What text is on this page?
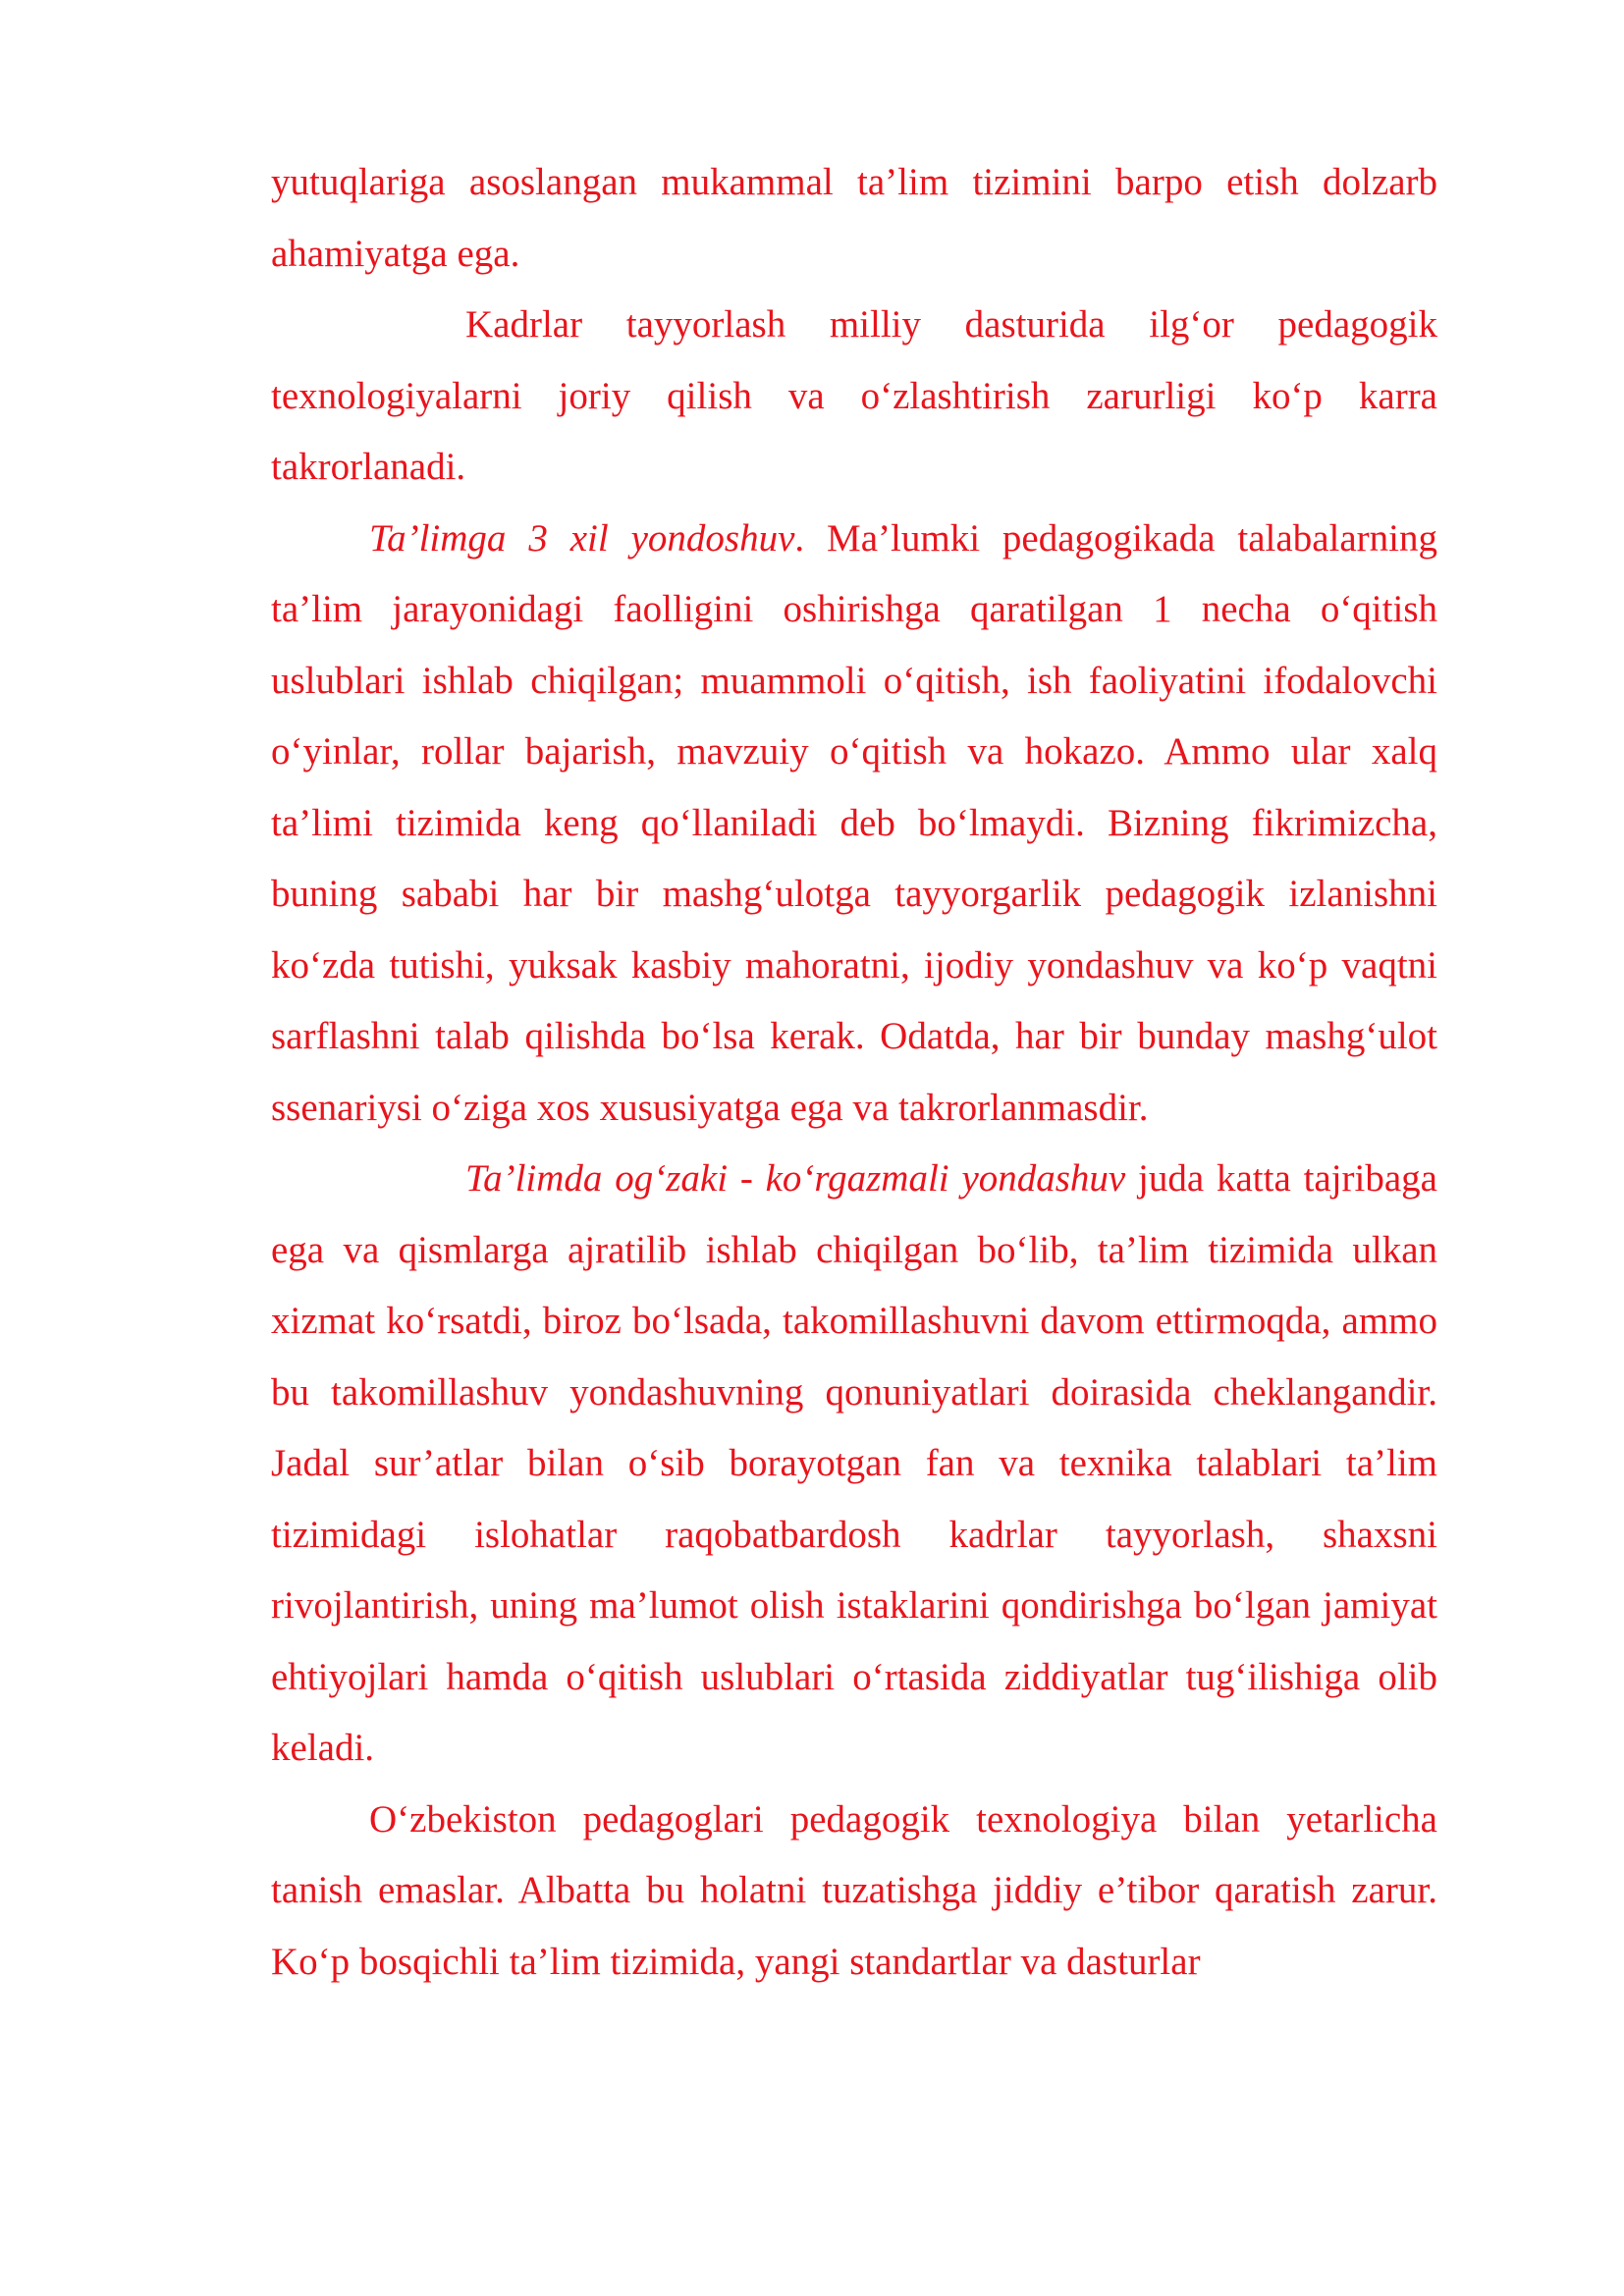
yutuqlariga asoslangan mukammal ta’lim tizimini barpo etish dolzarb ahamiyatga ega.

Kadrlar tayyorlash milliy dasturida ilg‘or pedagogik texnologiyalarni joriy qilish va o‘zlashtirish zarurligi ko‘p karra takrorlanadi.

Ta’limga 3 xil yondoshuv. Ma’lumki pedagogikada talabalarning ta’lim jarayonidagi faolligini oshirishga qaratilgan 1 necha o‘qitish uslublari ishlab chiqilgan; muammoli o‘qitish, ish faoliyatini ifodalovchi o‘yinlar, rollar bajarish, mavzuiy o‘qitish va hokazo. Ammo ular xalq ta’limi tizimida keng qo‘llaniladi deb bo‘lmaydi. Bizning fikrimizcha, buning sababi har bir mashg‘ulotga tayyorgarlik pedagogik izlanishni ko‘zda tutishi, yuksak kasbiy mahoratni, ijodiy yondashuv va ko‘p vaqtni sarflashni talab qilishda bo‘lsa kerak. Odatda, har bir bunday mashg‘ulot ssenariysi o‘ziga xos xususiyatga ega va takrorlanmasdir.

Ta’limda og‘zaki - ko‘rgazmali yondashuv juda katta tajribaga ega va qismlarga ajratilib ishlab chiqilgan bo‘lib, ta’lim tizimida ulkan xizmat ko‘rsatdi, biroz bo‘lsada, takomillashuvni davom ettirmoqda, ammo bu takomillashuv yondashuvning qonuniyatlari doirasida cheklangandir. Jadal sur’atlar bilan o‘sib borayotgan fan va texnika talablari ta’lim tizimidagi islohatlar raqobatbardosh kadrlar tayyorlash, shaxsni rivojlantirish, uning ma’lumot olish istaklarini qondirishga bo‘lgan jamiyat ehtiyojlari hamda o‘qitish uslublari o‘rtasida ziddiyatlar tug‘ilishiga olib keladi.

O‘zbekiston pedagoglari pedagogik texnologiya bilan yetarlicha tanish emaslar. Albatta bu holatni tuzatishga jiddiy e’tibor qaratish zarur. Ko‘p bosqichli ta’lim tizimida, yangi standartlar va dasturlar
